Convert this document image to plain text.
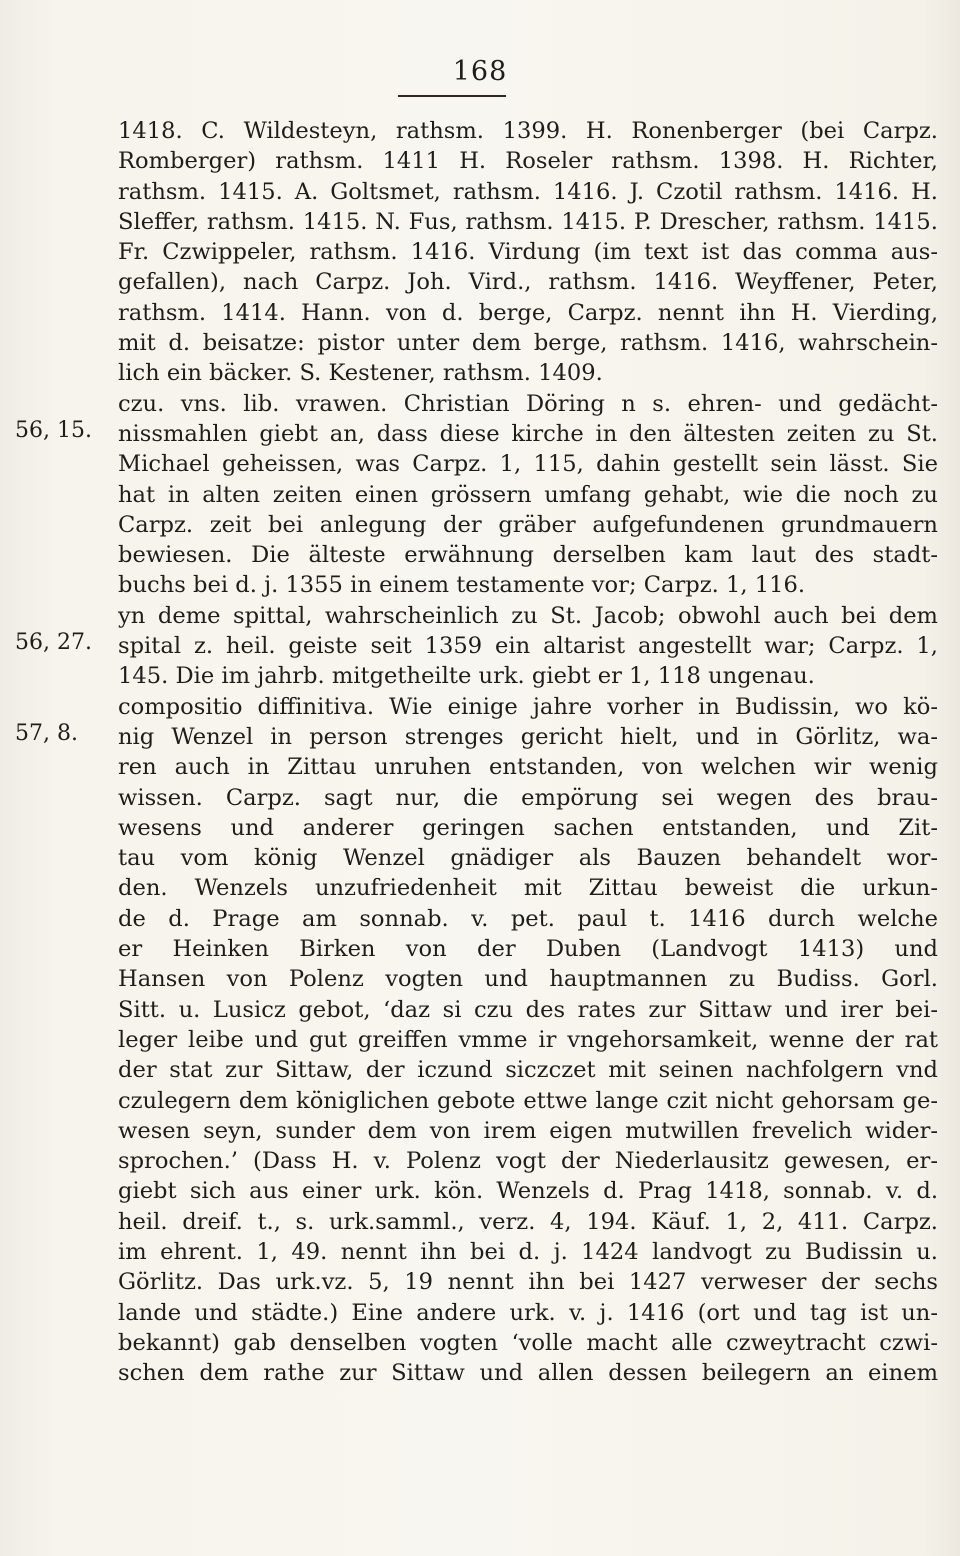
168
56, 15.
56, 27.
57, 8.
1418. C. Wildesteyn, rathsm. 1399. H. Ronenberger (bei Carpz.
Romberger) rathsm. 1411 H. Roseler rathsm. 1398. H. Richter,
rathsm. 1415. A. Goltsmet, rathsm. 1416. J. Czotil rathsm. 1416. H.
Sleffer, rathsm. 1415. N. Fus, rathsm. 1415. P. Drescher, rathsm. 1415.
Fr. Czwippeler, rathsm. 1416. Virdung (im text ist das comma aus-
gefallen), nach Carpz. Joh. Vird., rathsm. 1416. Weyffener, Peter,
rathsm. 1414. Hann. von d. berge, Carpz. nennt ihn H. Vierding,
mit d. beisatze: pistor unter dem berge, rathsm. 1416, wahrschein-
lich ein bäcker. S. Kestener, rathsm. 1409.
czu. vns. lib. vrawen. Christian Döring n s. ehren- und gedächt-
nissmahlen giebt an, dass diese kirche in den ältesten zeiten zu St.
Michael geheissen, was Carpz. 1, 115, dahin gestellt sein lässt. Sie
hat in alten zeiten einen grössern umfang gehabt, wie die noch zu
Carpz. zeit bei anlegung der gräber aufgefundenen grundmauern
bewiesen. Die älteste erwähnung derselben kam laut des stadt-
buchs bei d. j. 1355 in einem testamente vor; Carpz. 1, 116.
yn deme spittal, wahrscheinlich zu St. Jacob; obwohl auch bei dem
spital z. heil. geiste seit 1359 ein altarist angestellt war; Carpz. 1,
145. Die im jahrb. mitgetheilte urk. giebt er 1, 118 ungenau.
compositio diffinitiva. Wie einige jahre vorher in Budissin, wo kö-
nig Wenzel in person strenges gericht hielt, und in Görlitz, wa-
ren auch in Zittau unruhen entstanden, von welchen wir wenig
wissen. Carpz. sagt nur, die empörung sei wegen des brau-
wesens und anderer geringen sachen entstanden, und Zit-
tau vom könig Wenzel gnädiger als Bauzen behandelt wor-
den. Wenzels unzufriedenheit mit Zittau beweist die urkun-
de d. Prage am sonnab. v. pet. paul t. 1416 durch welche
er Heinken Birken von der Duben (Landvogt 1413) und
Hansen von Polenz vogten und hauptmannen zu Budiss. Gorl.
Sitt. u. Lusicz gebot, ‘daz si czu des rates zur Sittaw und irer bei-
leger leibe und gut greiffen vmme ir vngehorsamkeit, wenne der rat
der stat zur Sittaw, der iczund siczczet mit seinen nachfolgern vnd
czulegern dem königlichen gebote ettwe lange czit nicht gehorsam ge-
wesen seyn, sunder dem von irem eigen mutwillen frevelich wider-
sprochen.’ (Dass H. v. Polenz vogt der Niederlausitz gewesen, er-
giebt sich aus einer urk. kön. Wenzels d. Prag 1418, sonnab. v. d.
heil. dreif. t., s. urk.samml., verz. 4, 194. Käuf. 1, 2, 411. Carpz.
im ehrent. 1, 49. nennt ihn bei d. j. 1424 landvogt zu Budissin u.
Görlitz. Das urk.vz. 5, 19 nennt ihn bei 1427 verweser der sechs
lande und städte.) Eine andere urk. v. j. 1416 (ort und tag ist un-
bekannt) gab denselben vogten ‘volle macht alle czweytracht czwi-
schen dem rathe zur Sittaw und allen dessen beilegern an einem
